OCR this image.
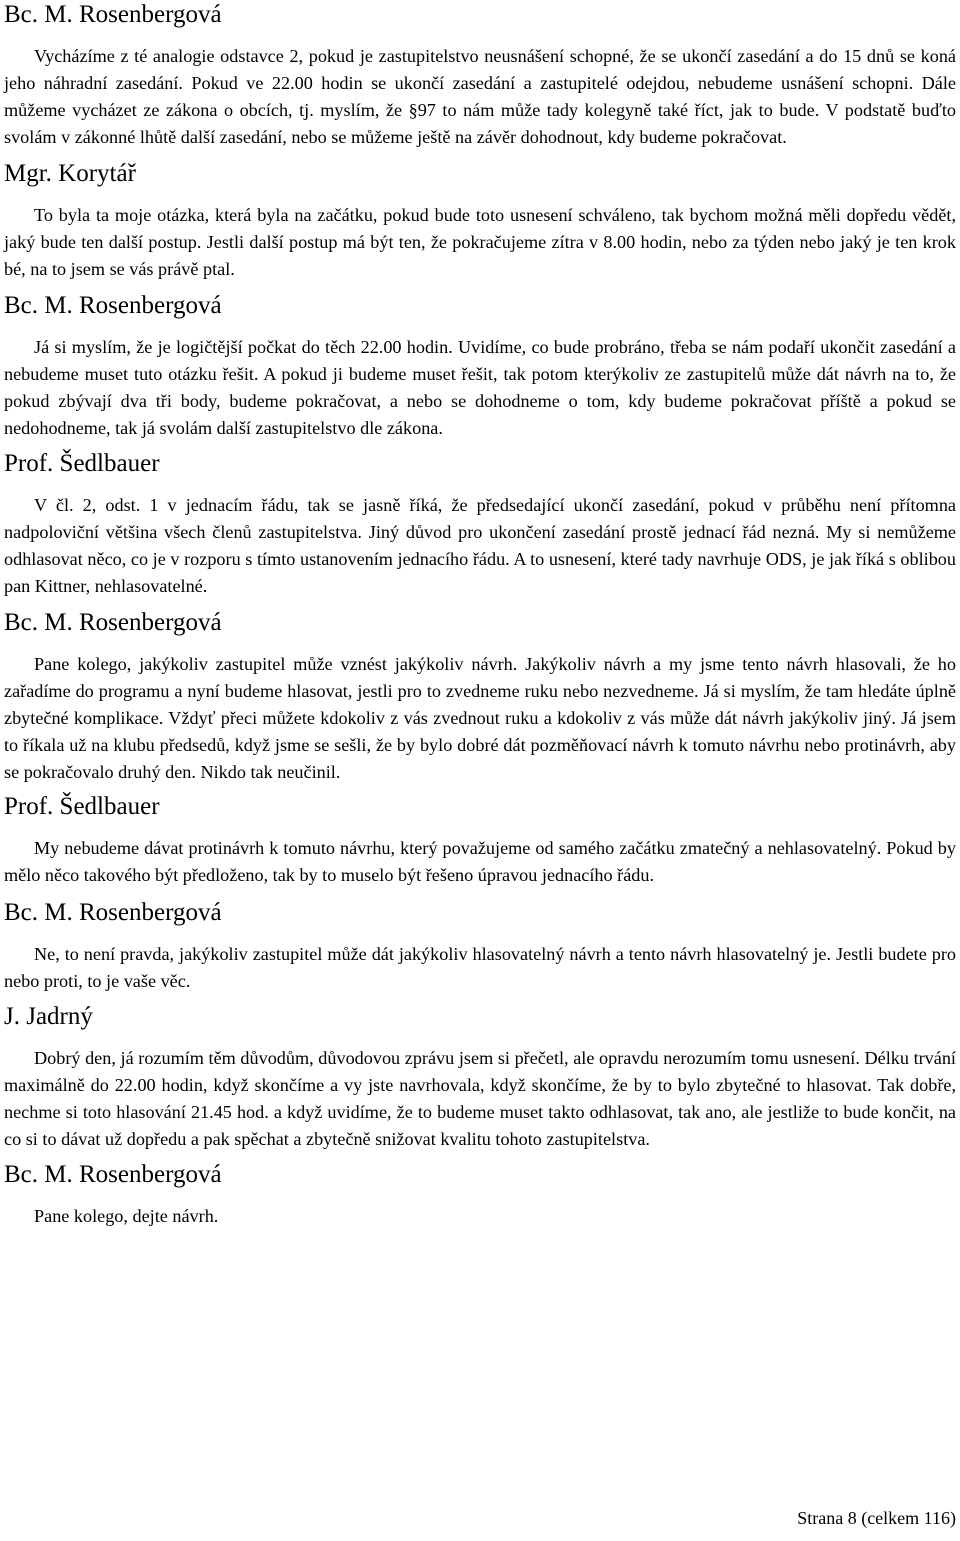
Bc. M. Rosenbergová

Vycházíme z té analogie odstavce 2, pokud je zastupitelstvo neusnášení schopné, že se ukončí zasedání a do 15 dnů se koná jeho náhradní zasedání. Pokud ve 22.00 hodin se ukončí zasedání a zastupitelé odejdou, nebudeme usnášení schopni. Dále můžeme vycházet ze zákona o obcích, tj. myslím, že §97 to nám může tady kolegyně také říct, jak to bude. V podstatě buďto svolám v zákonné lhůtě další zasedání, nebo se můžeme ještě na závěr dohodnout, kdy budeme pokračovat.

Mgr. Korytář

To byla ta moje otázka, která byla na začátku, pokud bude toto usnesení schváleno, tak bychom možná měli dopředu vědět, jaký bude ten další postup. Jestli další postup má být ten, že pokračujeme zítra v 8.00 hodin, nebo za týden nebo jaký je ten krok bé, na to jsem se vás právě ptal.

Bc. M. Rosenbergová

Já si myslím, že je logičtější počkat do těch 22.00 hodin. Uvidíme, co bude probráno, třeba se nám podaří ukončit zasedání a nebudeme muset tuto otázku řešit. A pokud ji budeme muset řešit, tak potom kterýkoliv ze zastupitelů může dát návrh na to, že pokud zbývají dva tři body, budeme pokračovat, a nebo se dohodneme o tom, kdy budeme pokračovat příště a pokud se nedohodneme, tak já svolám další zastupitelstvo dle zákona.

Prof. Šedlbauer

V čl. 2, odst. 1 v jednacím řádu, tak se jasně říká, že předsedající ukončí zasedání, pokud v průběhu není přítomna nadpoloviční většina všech členů zastupitelstva. Jiný důvod pro ukončení zasedání prostě jednací řád nezná. My si nemůžeme odhlasovat něco, co je v rozporu s tímto ustanovením jednacího řádu. A to usnesení, které tady navrhuje ODS, je jak říká s oblibou pan Kittner, nehlasovatelné.

Bc. M. Rosenbergová

Pane kolego, jakýkoliv zastupitel může vznést jakýkoliv návrh. Jakýkoliv návrh a my jsme tento návrh hlasovali, že ho zařadíme do programu a nyní budeme hlasovat, jestli pro to zvedneme ruku nebo nezvedneme. Já si myslím, že tam hledáte úplně zbytečné komplikace. Vždyť přeci můžete kdokoliv z vás zvednout ruku a kdokoliv z vás může dát návrh jakýkoliv jiný. Já jsem to říkala už na klubu předsedů, když jsme se sešli, že by bylo dobré dát pozměňovací návrh k tomuto návrhu nebo protinávrh, aby se pokračovalo druhý den. Nikdo tak neučinil.

Prof. Šedlbauer

My nebudeme dávat protinávrh k tomuto návrhu, který považujeme od samého začátku zmatečný a nehlasovatelný. Pokud by mělo něco takového být předloženo, tak by to muselo být řešeno úpravou jednacího řádu.

Bc. M. Rosenbergová

Ne, to není pravda, jakýkoliv zastupitel může dát jakýkoliv hlasovatelný návrh a tento návrh hlasovatelný je. Jestli budete pro nebo proti, to je vaše věc.

J. Jadrný

Dobrý den, já rozumím těm důvodům, důvodovou zprávu jsem si přečetl, ale opravdu nerozumím tomu usnesení. Délku trvání maximálně do 22.00 hodin, když skončíme a vy jste navrhovala, když skončíme, že by to bylo zbytečné to hlasovat. Tak dobře, nechme si toto hlasování 21.45 hod. a když uvidíme, že to budeme muset takto odhlasovat, tak ano, ale jestliže to bude končit, na co si to dávat už dopředu a pak spěchat a zbytečně snižovat kvalitu tohoto zastupitelstva.

Bc. M. Rosenbergová

Pane kolego, dejte návrh.

Strana 8 (celkem 116)
